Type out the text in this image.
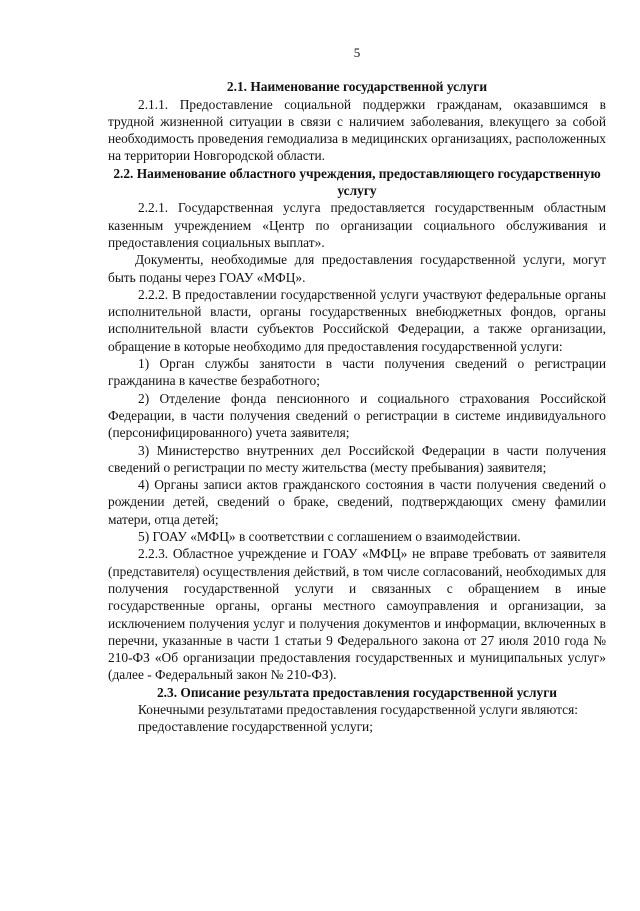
5
2.1. Наименование государственной услуги

2.1.1. Предоставление социальной поддержки гражданам, оказавшимся в трудной жизненной ситуации в связи с наличием заболевания, влекущего за собой необходимость проведения гемодиализа в медицинских организациях, расположенных на территории Новгородской области.

2.2. Наименование областного учреждения, предоставляющего государственную услугу

2.2.1. Государственная услуга предоставляется государственным областным казенным учреждением «Центр по организации социального обслуживания и предоставления социальных выплат».

Документы, необходимые для предоставления государственной услуги, могут быть поданы через ГОАУ «МФЦ».

2.2.2. В предоставлении государственной услуги участвуют федеральные органы исполнительной власти, органы государственных внебюджетных фондов, органы исполнительной власти субъектов Российской Федерации, а также организации, обращение в которые необходимо для предоставления государственной услуги:

1) Орган службы занятости в части получения сведений о регистрации гражданина в качестве безработного;

2) Отделение фонда пенсионного и социального страхования Российской Федерации, в части получения сведений о регистрации в системе индивидуального (персонифицированного) учета заявителя;

3) Министерство внутренних дел Российской Федерации в части получения сведений о регистрации по месту жительства (месту пребывания) заявителя;

4) Органы записи актов гражданского состояния в части получения сведений о рождении детей, сведений о браке, сведений, подтверждающих смену фамилии матери, отца детей;

5) ГОАУ «МФЦ» в соответствии с соглашением о взаимодействии.

2.2.3. Областное учреждение и ГОАУ «МФЦ» не вправе требовать от заявителя (представителя) осуществления действий, в том числе согласований, необходимых для получения государственной услуги и связанных с обращением в иные государственные органы, органы местного самоуправления и организации, за исключением получения услуг и получения документов и информации, включенных в перечни, указанные в части 1 статьи 9 Федерального закона от 27 июля 2010 года № 210-ФЗ «Об организации предоставления государственных и муниципальных услуг» (далее - Федеральный закон № 210-ФЗ).

2.3. Описание результата предоставления государственной услуги

Конечными результатами предоставления государственной услуги являются:

предоставление государственной услуги;
